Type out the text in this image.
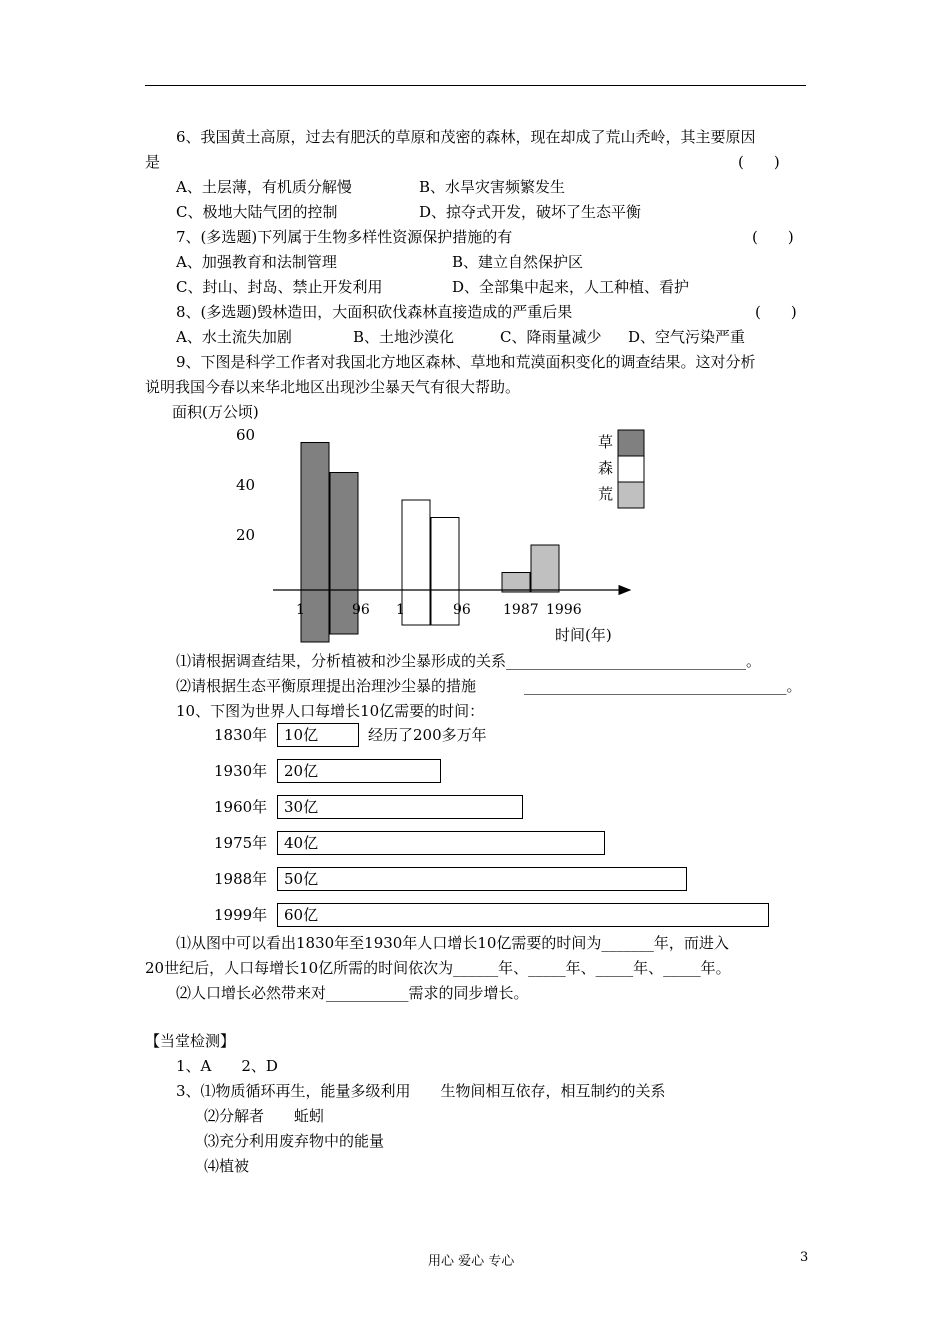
6、我国黄土高原，过去有肥沃的草原和茂密的森林，现在却成了荒山秃岭，其主要原因
是	(　　)
A、土层薄，有机质分解慢	B、水旱灾害频繁发生
C、极地大陆气团的控制	D、掠夺式开发，破坏了生态平衡
7、(多选题)下列属于生物多样性资源保护措施的有	(　　)
A、加强教育和法制管理	B、建立自然保护区
C、封山、封岛、禁止开发利用	D、全部集中起来，人工种植、看护
8、(多选题)毁林造田，大面积砍伐森林直接造成的严重后果	(　　)
A、水土流失加剧	B、土地沙漠化	C、降雨量减少 D、空气污染严重
9、下图是科学工作者对我国北方地区森林、草地和荒漠面积变化的调查结果。这对分析
说明我国今春以来华北地区出现沙尘暴天气有很大帮助。
面积(万公顷)
60
40
20
1	96 1	96 1987 1996
草
森
荒
时间(年)
⑴请根据调查结果，分析植被和沙尘暴形成的关系________________________________。
⑵请根据生态平衡原理提出治理沙尘暴的措施	___________________________________。
10、下图为世界人口每增长10亿需要的时间：
1830年	10亿	经历了200多万年
1930年	20亿
1960年	30亿
1975年	40亿
1988年	50亿
1999年	60亿
⑴从图中可以看出1830年至1930年人口增长10亿需要的时间为_______年，而进入
20世纪后，人口每增长10亿所需的时间依次为______年、_____年、_____年、_____年。
⑵人口增长必然带来对___________需求的同步增长。
【当堂检测】
1、A　　2、D
3、⑴物质循环再生，能量多级利用　　生物间相互依存，相互制约的关系
⑵分解者　　蚯蚓
⑶充分利用废弃物中的能量
⑷植被
用心 爱心 专心	3
